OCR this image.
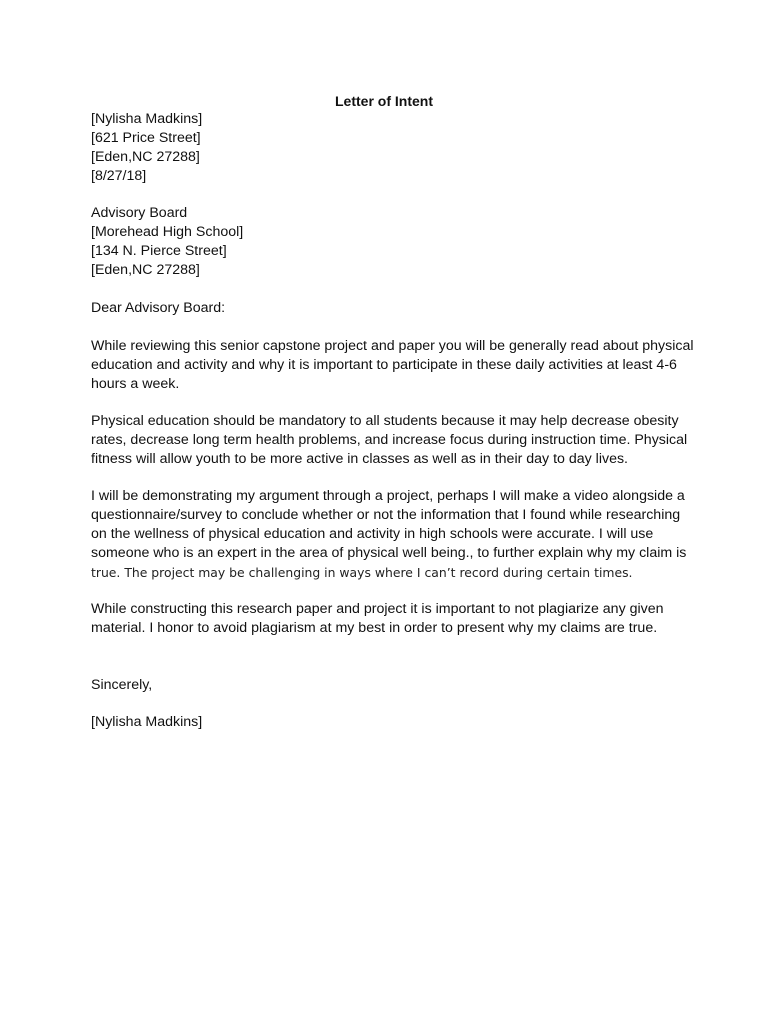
Letter of Intent
[Nylisha Madkins]
[621 Price Street]
[Eden,NC 27288]
[8/27/18]
Advisory Board
[Morehead High School]
[134 N. Pierce Street]
[Eden,NC 27288]
Dear Advisory Board:
While reviewing this senior capstone project and paper you will be generally read about physical
education and activity and why it is important to participate in these daily activities at least 4-6
hours a week.
Physical education should be mandatory to all students because it may help decrease obesity
rates, decrease long term health problems, and increase focus during instruction time. Physical
fitness will allow youth to be more active in classes as well as in their day to day lives.
I will be demonstrating my argument through a project, perhaps I will make a video alongside a
questionnaire/survey to conclude whether or not the information that I found while researching
on the wellness of physical education and activity in high schools were accurate. I will use
someone who is an expert in the area of physical well being., to further explain why my claim is
true. The project may be challenging in ways where I can’t record during certain times.
While constructing this research paper and project it is important to not plagiarize any given
material. I honor to avoid plagiarism at my best in order to present why my claims are true.
Sincerely,
[Nylisha Madkins]
